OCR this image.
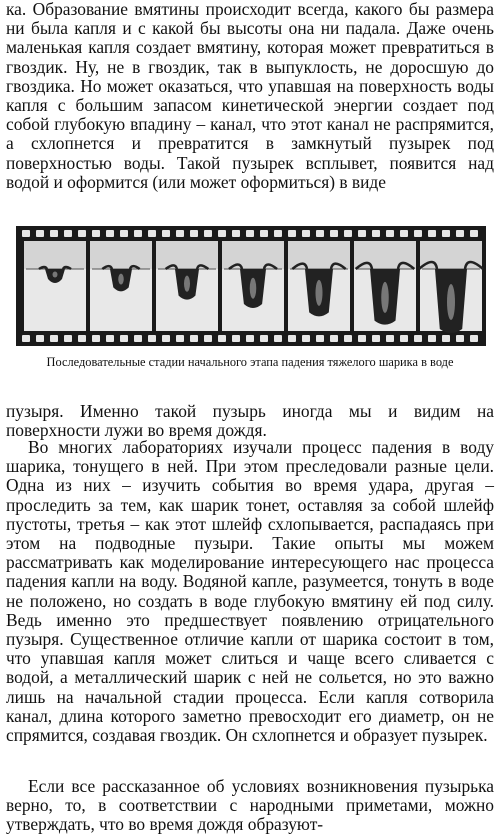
ка. Образование вмятины происходит всегда, какого бы размера ни была капля и с какой бы высоты она ни падала. Даже очень маленькая капля создает вмятину, которая может превратиться в гвоздик. Ну, не в гвоздик, так в выпуклость, не доросшую до гвоздика. Но может оказаться, что упавшая на поверхность воды капля с большим запасом кинетической энергии создает под собой глубокую впадину – канал, что этот канал не распрямится, а схлопнется и превратится в замкнутый пузырек под поверхностью воды. Такой пузырек всплывет, появится над водой и оформится (или может оформиться) в виде

Последовательные стадии начального этапа падения тяжелого шарика в воде

пузыря. Именно такой пузырь иногда мы и видим на поверхности лужи во время дождя.

Во многих лабораториях изучали процесс падения в воду шарика, тонущего в ней. При этом преследовали разные цели. Одна из них – изучить события во время удара, другая – проследить за тем, как шарик тонет, оставляя за собой шлейф пустоты, третья – как этот шлейф схлопывается, распадаясь при этом на подводные пузыри. Такие опыты мы можем рассматривать как моделирование интересующего нас процесса падения капли на воду. Водяной капле, разумеется, тонуть в воде не положено, но создать в воде глубокую вмятину ей под силу. Ведь именно это предшествует появлению отрицательного пузыря. Существенное отличие капли от шарика состоит в том, что упавшая капля может слиться и чаще всего сливается с водой, а металлический шарик с ней не сольется, но это важно лишь на начальной стадии процесса. Если капля сотворила канал, длина которого заметно превосходит его диаметр, он не спрямится, создавая гвоздик. Он схлопнется и образует пузырек.

Если все рассказанное об условиях возникновения пузырька верно, то, в соответствии с народными приметами, можно утверждать, что во время дождя образуют-
